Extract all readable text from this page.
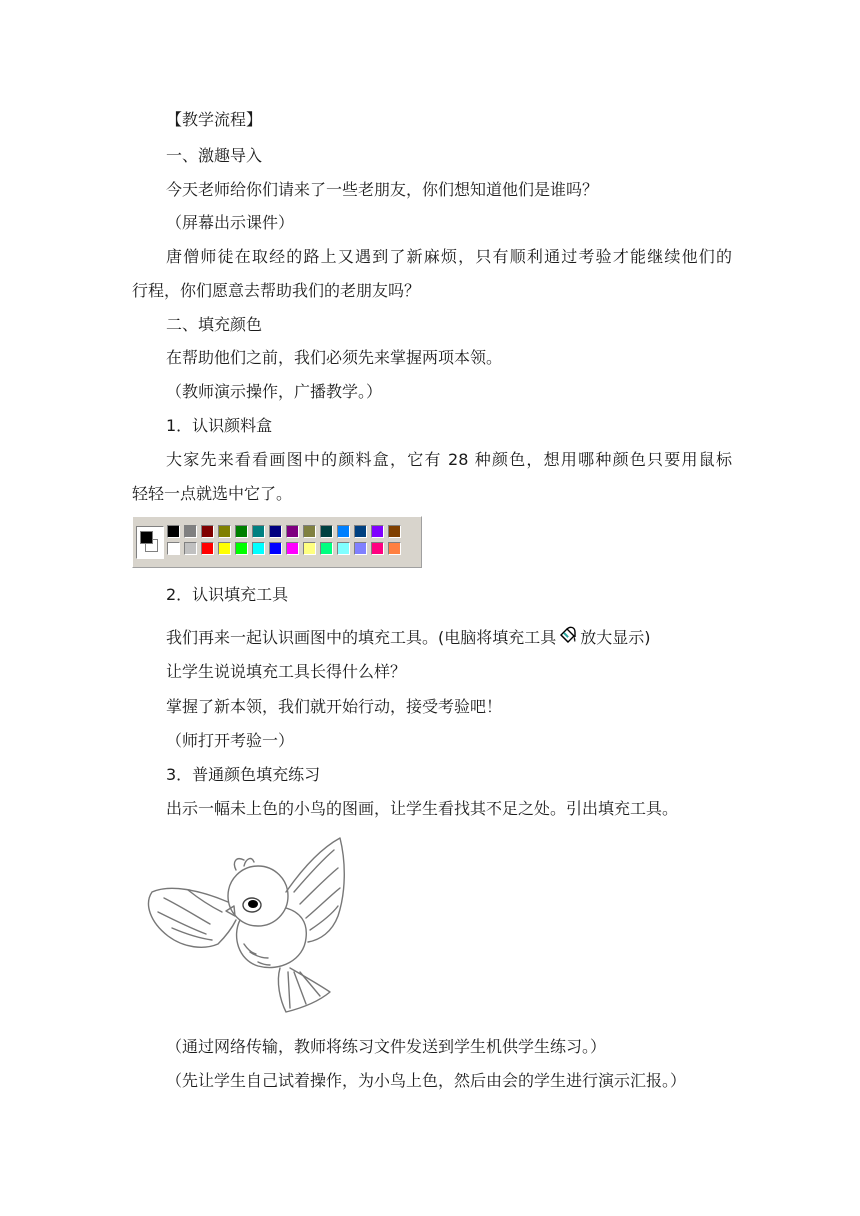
【教学流程】
一、激趣导入
今天老师给你们请来了一些老朋友，你们想知道他们是谁吗？
（屏幕出示课件）
唐僧师徒在取经的路上又遇到了新麻烦，只有顺利通过考验才能继续他们的
行程，你们愿意去帮助我们的老朋友吗？
二、填充颜色
在帮助他们之前，我们必须先来掌握两项本领。
（教师演示操作，广播教学。）
1．认识颜料盒
大家先来看看画图中的颜料盒，它有 28 种颜色，想用哪种颜色只要用鼠标
轻轻一点就选中它了。
2．认识填充工具
我们再来一起认识画图中的填充工具。(电脑将填充工具 放大显示)
让学生说说填充工具长得什么样？
掌握了新本领，我们就开始行动，接受考验吧！
（师打开考验一）
3．普通颜色填充练习
出示一幅未上色的小鸟的图画，让学生看找其不足之处。引出填充工具。
（通过网络传输，教师将练习文件发送到学生机供学生练习。）
（先让学生自己试着操作，为小鸟上色，然后由会的学生进行演示汇报。）
